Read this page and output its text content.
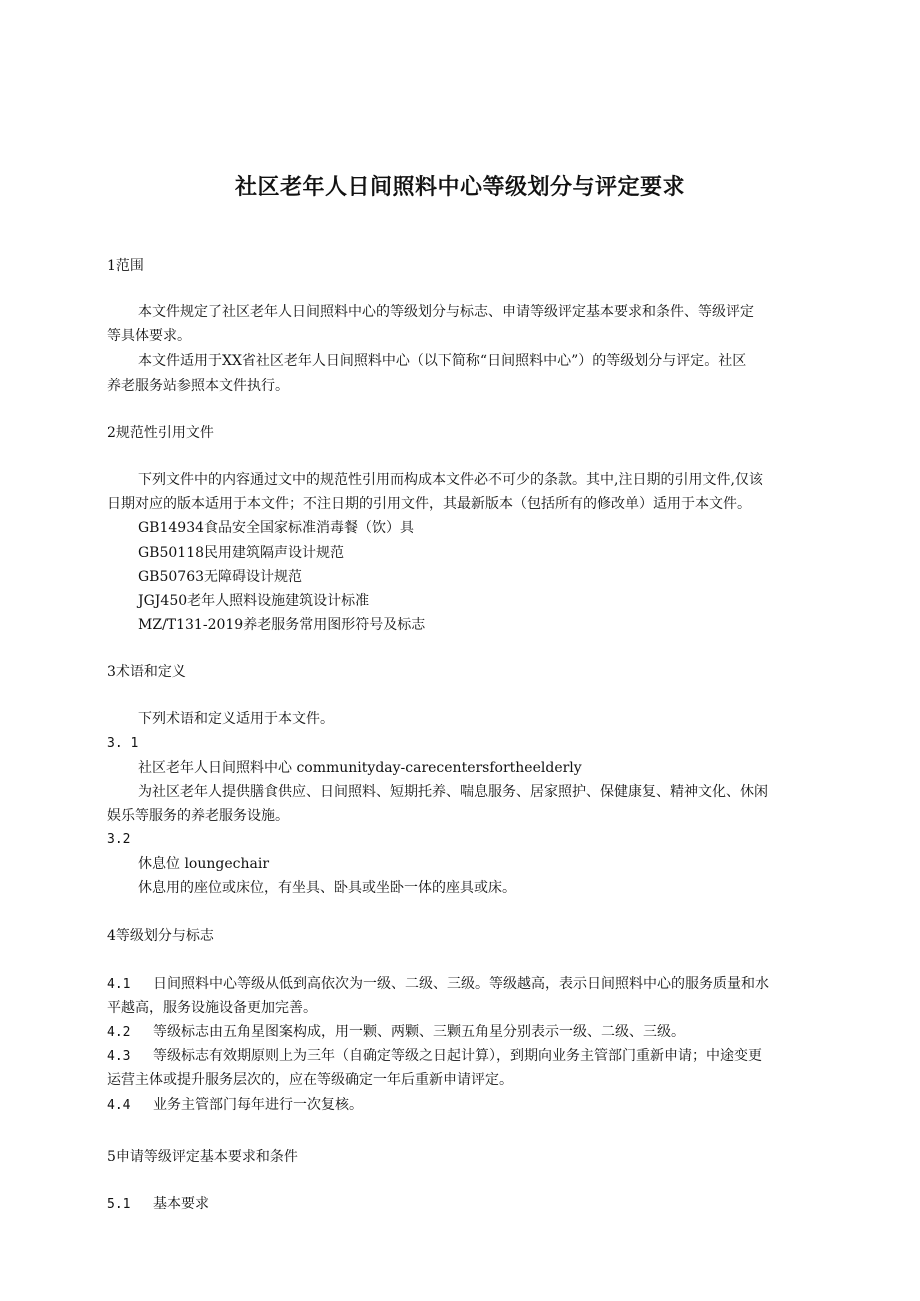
社区老年人日间照料中心等级划分与评定要求
1范围
本文件规定了社区老年人日间照料中心的等级划分与标志、申请等级评定基本要求和条件、等级评定
等具体要求。
本文件适用于XX省社区老年人日间照料中心（以下简称“日间照料中心”）的等级划分与评定。社区
养老服务站参照本文件执行。
2规范性引用文件
下列文件中的内容通过文中的规范性引用而构成本文件必不可少的条款。其中,注日期的引用文件,仅该
日期对应的版本适用于本文件；不注日期的引用文件，其最新版本（包括所有的修改单）适用于本文件。
GB14934食品安全国家标准消毒餐（饮）具
GB50118民用建筑隔声设计规范
GB50763无障碍设计规范
JGJ450老年人照料设施建筑设计标准
MZ/T131-2019养老服务常用图形符号及标志
3术语和定义
下列术语和定义适用于本文件。
3. 1
社区老年人日间照料中心 communityday-carecentersfortheelderly
为社区老年人提供膳食供应、日间照料、短期托养、喘息服务、居家照护、保健康复、精神文化、休闲
娱乐等服务的养老服务设施。
3.2
休息位 loungechair
休息用的座位或床位，有坐具、卧具或坐卧一体的座具或床。
4等级划分与标志
4.1 日间照料中心等级从低到高依次为一级、二级、三级。等级越高，表示日间照料中心的服务质量和水
平越高，服务设施设备更加完善。
4.2 等级标志由五角星图案构成，用一颗、两颗、三颗五角星分别表示一级、二级、三级。
4.3 等级标志有效期原则上为三年（自确定等级之日起计算），到期向业务主管部门重新申请；中途变更
运营主体或提升服务层次的，应在等级确定一年后重新申请评定。
4.4 业务主管部门每年进行一次复核。
5申请等级评定基本要求和条件
5.1 基本要求
